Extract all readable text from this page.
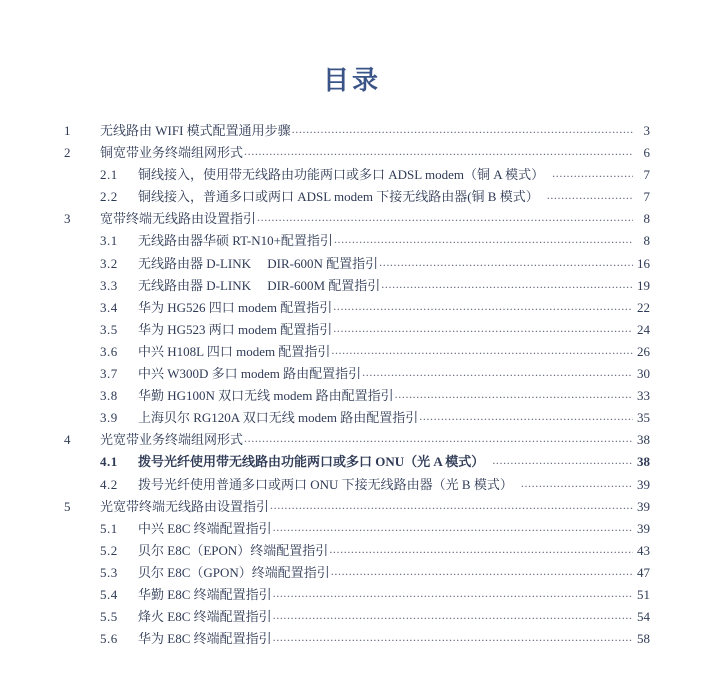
目录
1	无线路由 WIFI 模式配置通用步骤 . . .	3
2	铜宽带业务终端组网形式 . . .	6
2.1	铜线接入，使用带无线路由功能两口或多口 ADSL modem（铜 A 模式） . . .	7
2.2	铜线接入，普通多口或两口 ADSL modem 下接无线路由器(铜 B 模式） . . .	7
3	宽带终端无线路由设置指引 . . .	8
3.1	无线路由器华硕 RT-N10+配置指引 . . .	8
3.2	无线路由器 D-LINK　 DIR-600N 配置指引 . . .	16
3.3	无线路由器 D-LINK　 DIR-600M 配置指引 . . .	19
3.4	华为 HG526 四口 modem 配置指引 . . .	22
3.5	华为 HG523 两口 modem 配置指引 . . .	24
3.6	中兴 H108L 四口 modem 配置指引 . . .	26
3.7	中兴 W300D 多口 modem 路由配置指引 . . .	30
3.8	华勤 HG100N 双口无线 modem 路由配置指引 . . .	33
3.9	上海贝尔 RG120A 双口无线 modem 路由配置指引 . . .	35
4	光宽带业务终端组网形式 . . .	38
4.1	拨号光纤使用带无线路由功能两口或多口 ONU（光 A 模式） . . .	38
4.2	拨号光纤使用普通多口或两口 ONU 下接无线路由器（光 B 模式） . . .	39
5	光宽带终端无线路由设置指引 . . .	39
5.1	中兴 E8C 终端配置指引 . . .	39
5.2	贝尔 E8C（EPON）终端配置指引 . . .	43
5.3	贝尔 E8C（GPON）终端配置指引 . . .	47
5.4	华勤 E8C 终端配置指引 . . .	51
5.5	烽火 E8C 终端配置指引 . . .	54
5.6	华为 E8C 终端配置指引 . . .	58
